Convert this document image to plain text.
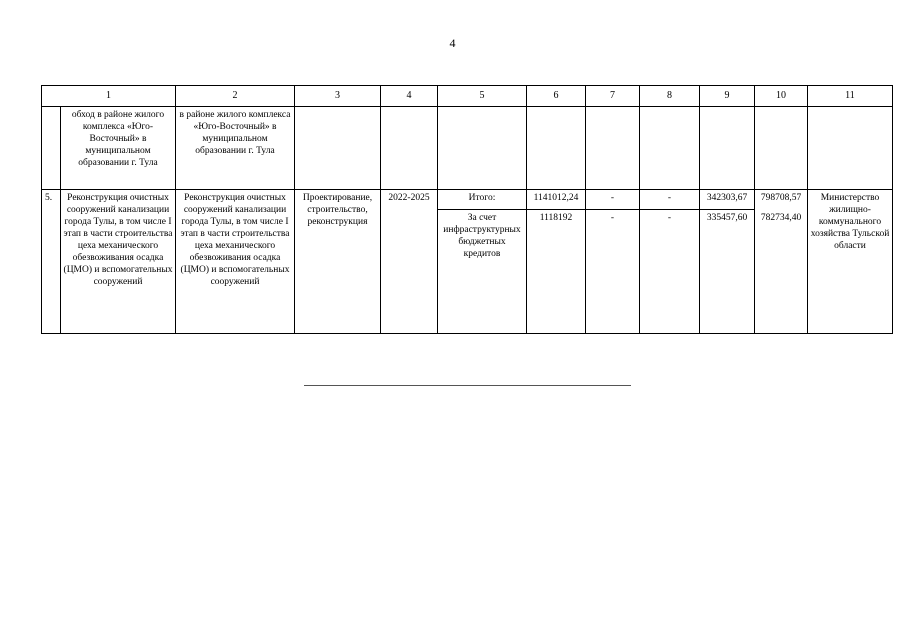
4
1		2	3	4	5	6	7	8	9	10	11
	обход в районе жилого комплекса «Юго-Восточный» в муниципальном образовании г. Тула	в районе жилого комплекса «Юго-Восточный» в муниципальном образовании г. Тула									
5.	Реконструкция очистных сооружений канализации города Тулы, в том числе I этап в части строительства цеха механического обезвоживания осадка (ЦМО) и вспомогательных сооружений	Реконструкция очистных сооружений канализации города Тулы, в том числе I этап в части строительства цеха механического обезвоживания осадка (ЦМО) и вспомогательных сооружений	Проектирование, строительство, реконструкция	2022-2025	Итого:	1141012,24	-	-	342303,67	798708,57	Министерство жилищно-коммунального хозяйства Тульской области
					За счет инфраструктурных бюджетных кредитов	1118192	-	-	335457,60	782734,40	
